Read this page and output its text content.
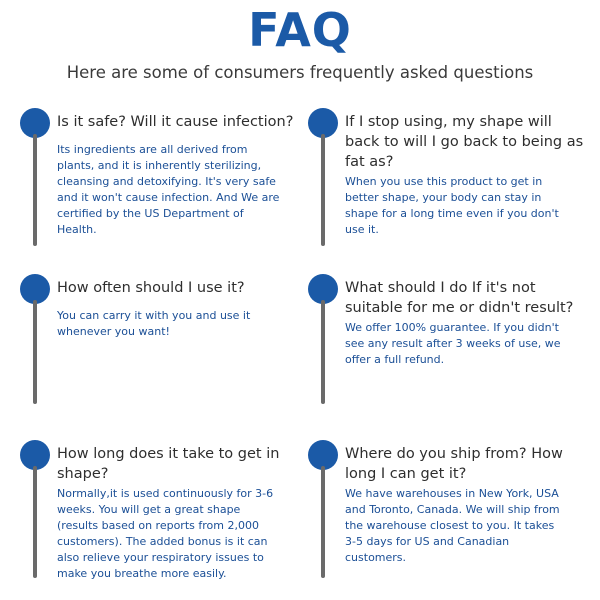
FAQ
Here are some of consumers frequently asked questions

Is it safe? Will it cause infection?

Its ingredients are all derived from
plants, and it is inherently sterilizing,
cleansing and detoxifying. It's very safe
and it won't cause infection. And We are
certified by the US Department of
Health.

If I stop using, my shape will
back to will I go back to being as
fat as?

When you use this product to get in
better shape, your body can stay in
shape for a long time even if you don't
use it.

How often should I use it?

You can carry it with you and use it
whenever you want!

What should I do If it's not
suitable for me or didn't result?

We offer 100% guarantee. If you didn't
see any result after 3 weeks of use, we
offer a full refund.

How long does it take to get in
shape?

Normally,it is used continuously for 3-6
weeks. You will get a great shape
(results based on reports from 2,000
customers). The added bonus is it can
also relieve your respiratory issues to
make you breathe more easily.

Where do you ship from? How
long I can get it?

We have warehouses in New York, USA
and Toronto, Canada. We will ship from
the warehouse closest to you. It takes
3-5 days for US and Canadian
customers.
